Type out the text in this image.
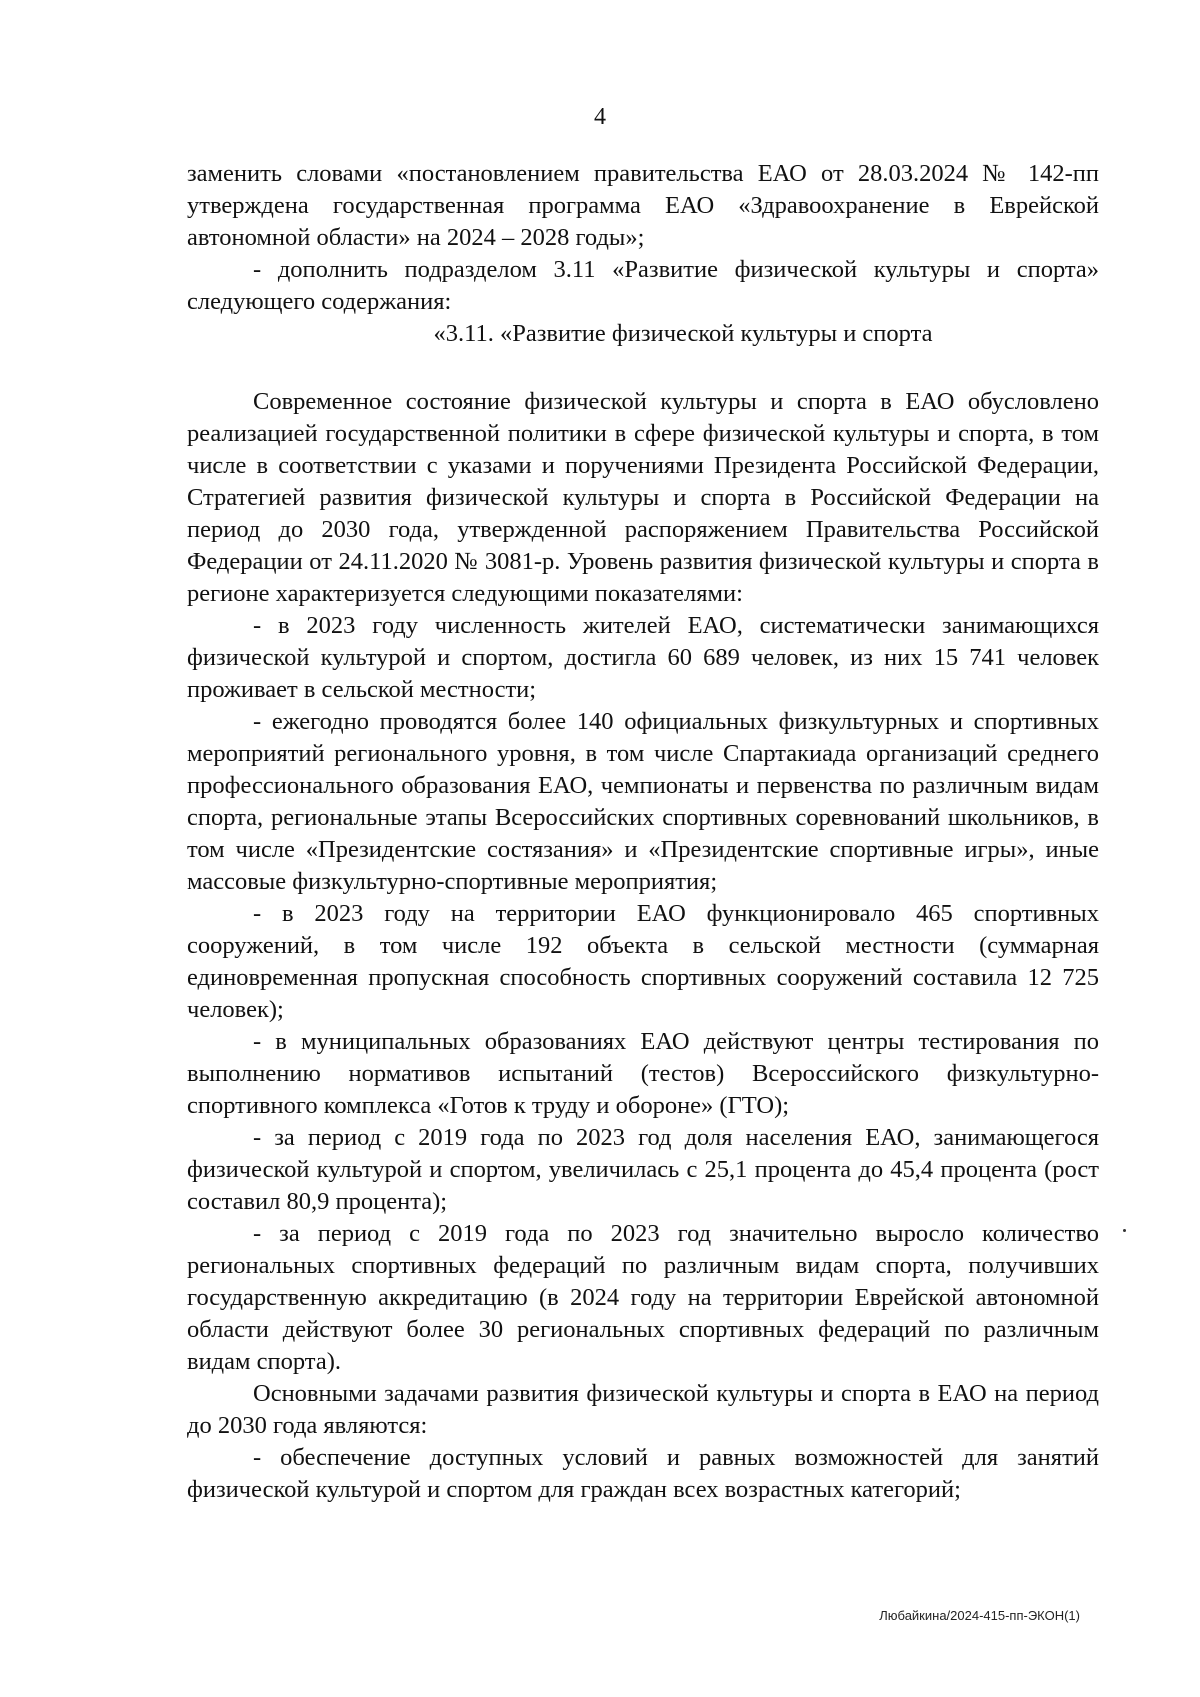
4

заменить словами «постановлением правительства ЕАО от 28.03.2024 № 142-пп утверждена государственная программа ЕАО «Здравоохранение в Еврейской автономной области» на 2024 – 2028 годы»;

- дополнить подразделом 3.11 «Развитие физической культуры и спорта» следующего содержания:

«3.11. «Развитие физической культуры и спорта

Современное состояние физической культуры и спорта в ЕАО обусловлено реализацией государственной политики в сфере физической культуры и спорта, в том числе в соответствии с указами и поручениями Президента Российской Федерации, Стратегией развития физической культуры и спорта в Российской Федерации на период до 2030 года, утвержденной распоряжением Правительства Российской Федерации от 24.11.2020 № 3081-р. Уровень развития физической культуры и спорта в регионе характеризуется следующими показателями:

- в 2023 году численность жителей ЕАО, систематически занимающихся физической культурой и спортом, достигла 60 689 человек, из них 15 741 человек проживает в сельской местности;

- ежегодно проводятся более 140 официальных физкультурных и спортивных мероприятий регионального уровня, в том числе Спартакиада организаций среднего профессионального образования ЕАО, чемпионаты и первенства по различным видам спорта, региональные этапы Всероссийских спортивных соревнований школьников, в том числе «Президентские состязания» и «Президентские спортивные игры», иные массовые физкультурно-спортивные мероприятия;

- в 2023 году на территории ЕАО функционировало 465 спортивных сооружений, в том числе 192 объекта в сельской местности (суммарная единовременная пропускная способность спортивных сооружений составила 12 725 человек);

- в муниципальных образованиях ЕАО действуют центры тестирования по выполнению нормативов испытаний (тестов) Всероссийского физкультурно-спортивного комплекса «Готов к труду и обороне» (ГТО);

- за период с 2019 года по 2023 год доля населения ЕАО, занимающегося физической культурой и спортом, увеличилась с 25,1 процента до 45,4 процента (рост составил 80,9 процента);

- за период с 2019 года по 2023 год значительно выросло количество региональных спортивных федераций по различным видам спорта, получивших государственную аккредитацию (в 2024 году на территории Еврейской автономной области действуют более 30 региональных спортивных федераций по различным видам спорта).

Основными задачами развития физической культуры и спорта в ЕАО на период до 2030 года являются:

- обеспечение доступных условий и равных возможностей для занятий физической культурой и спортом для граждан всех возрастных категорий;

Любайкина/2024-415-пп-ЭКОН(1)
